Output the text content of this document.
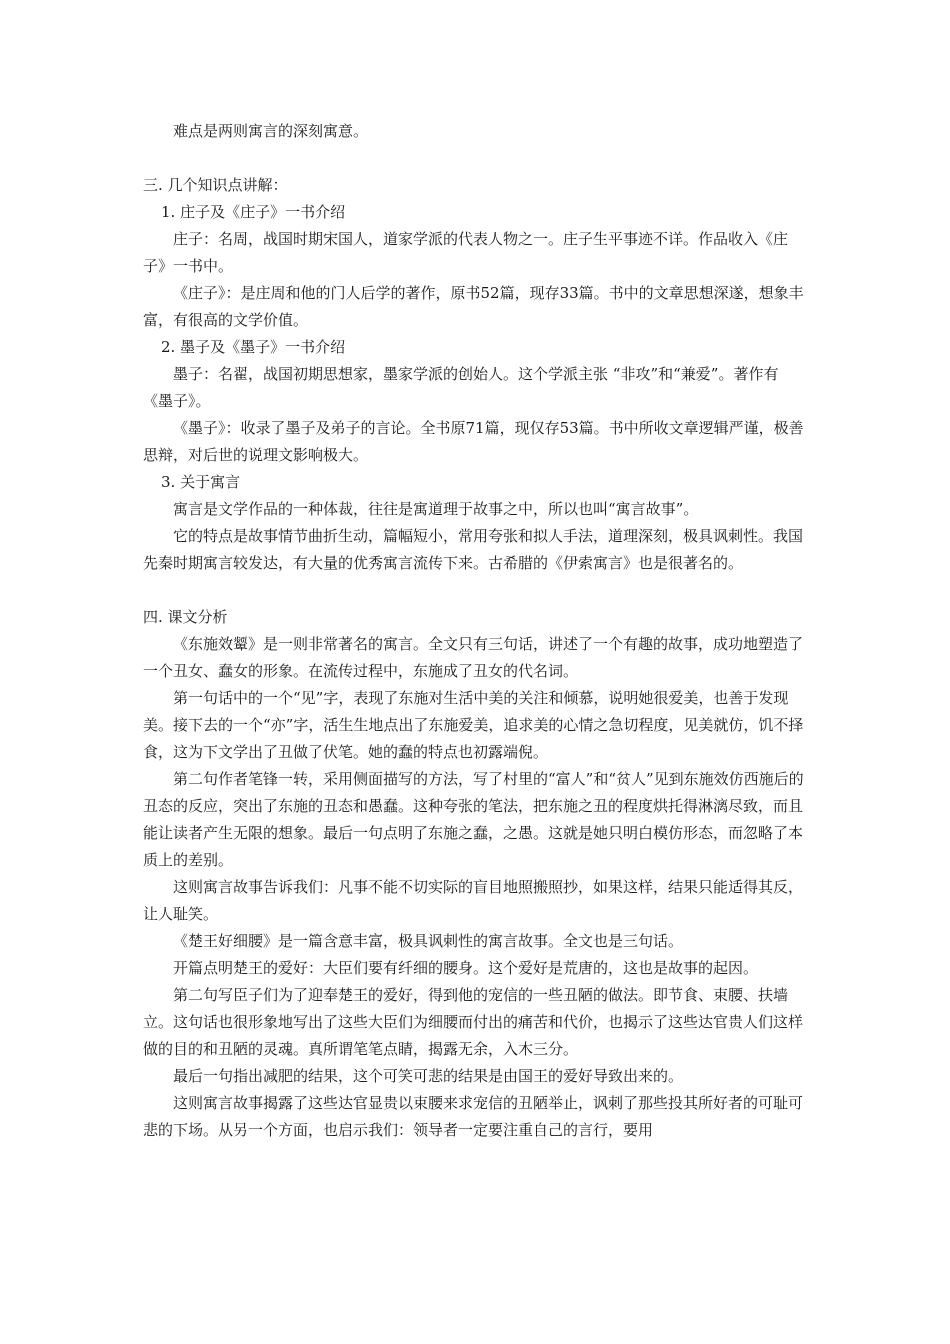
难点是两则寓言的深刻寓意。

三. 几个知识点讲解：

1. 庄子及《庄子》一书介绍

庄子：名周，战国时期宋国人，道家学派的代表人物之一。庄子生平事迹不详。作品收入《庄子》一书中。

《庄子》：是庄周和他的门人后学的著作，原书52篇，现存33篇。书中的文章思想深遂，想象丰富，有很高的文学价值。

2. 墨子及《墨子》一书介绍

墨子：名翟，战国初期思想家，墨家学派的创始人。这个学派主张 “非攻”和“兼爱”。著作有《墨子》。

《墨子》：收录了墨子及弟子的言论。全书原71篇，现仅存53篇。书中所收文章逻辑严谨，极善思辩，对后世的说理文影响极大。

3. 关于寓言

寓言是文学作品的一种体裁，往往是寓道理于故事之中，所以也叫“寓言故事”。

它的特点是故事情节曲折生动，篇幅短小，常用夸张和拟人手法，道理深刻，极具讽刺性。我国先秦时期寓言较发达，有大量的优秀寓言流传下来。古希腊的《伊索寓言》也是很著名的。

四. 课文分析

《东施效颦》是一则非常著名的寓言。全文只有三句话，讲述了一个有趣的故事，成功地塑造了一个丑女、蠢女的形象。在流传过程中，东施成了丑女的代名词。

第一句话中的一个“见”字，表现了东施对生活中美的关注和倾慕，说明她很爱美，也善于发现美。接下去的一个“亦”字，活生生地点出了东施爱美，追求美的心情之急切程度，见美就仿，饥不择食，这为下文学出了丑做了伏笔。她的蠢的特点也初露端倪。

第二句作者笔锋一转，采用侧面描写的方法，写了村里的“富人”和“贫人”见到东施效仿西施后的丑态的反应，突出了东施的丑态和愚蠢。这种夸张的笔法，把东施之丑的程度烘托得淋漓尽致，而且能让读者产生无限的想象。最后一句点明了东施之蠢，之愚。这就是她只明白模仿形态，而忽略了本质上的差别。

这则寓言故事告诉我们：凡事不能不切实际的盲目地照搬照抄，如果这样，结果只能适得其反，让人耻笑。

《楚王好细腰》是一篇含意丰富，极具讽刺性的寓言故事。全文也是三句话。

开篇点明楚王的爱好：大臣们要有纤细的腰身。这个爱好是荒唐的，这也是故事的起因。

第二句写臣子们为了迎奉楚王的爱好，得到他的宠信的一些丑陋的做法。即节食、束腰、扶墙立。这句话也很形象地写出了这些大臣们为细腰而付出的痛苦和代价，也揭示了这些达官贵人们这样做的目的和丑陋的灵魂。真所谓笔笔点睛，揭露无余，入木三分。

最后一句指出减肥的结果，这个可笑可悲的结果是由国王的爱好导致出来的。

这则寓言故事揭露了这些达官显贵以束腰来求宠信的丑陋举止，讽刺了那些投其所好者的可耻可悲的下场。从另一个方面，也启示我们：领导者一定要注重自己的言行，要用
